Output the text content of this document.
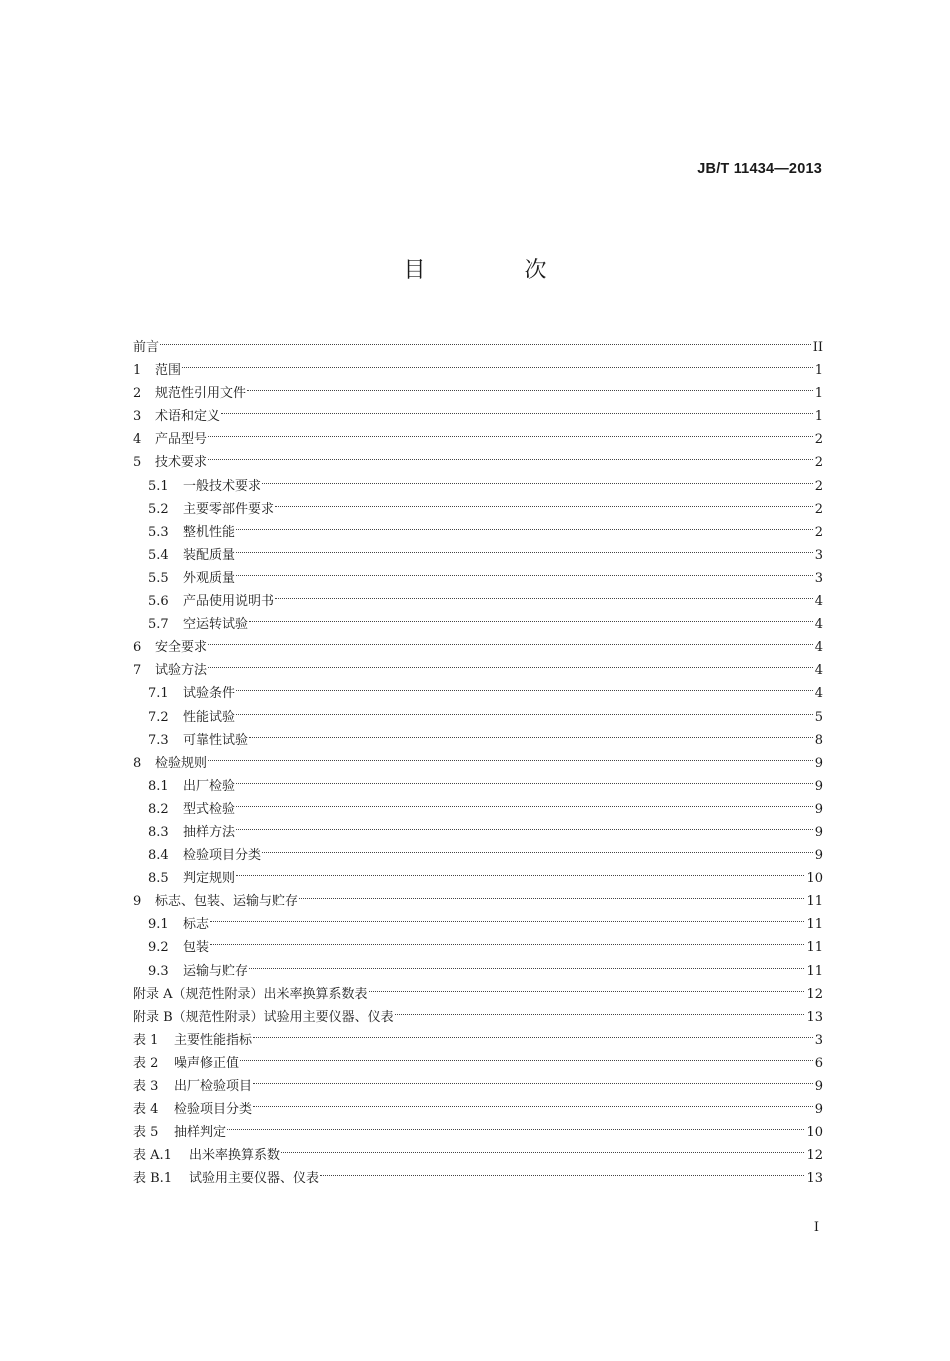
JB/T 11434—2013
目 次
前言	II
1 范围	1
2 规范性引用文件	1
3 术语和定义	1
4 产品型号	2
5 技术要求	2
5.1 一般技术要求	2
5.2 主要零部件要求	2
5.3 整机性能	2
5.4 装配质量	3
5.5 外观质量	3
5.6 产品使用说明书	4
5.7 空运转试验	4
6 安全要求	4
7 试验方法	4
7.1 试验条件	4
7.2 性能试验	5
7.3 可靠性试验	8
8 检验规则	9
8.1 出厂检验	9
8.2 型式检验	9
8.3 抽样方法	9
8.4 检验项目分类	9
8.5 判定规则	10
9 标志、包装、运输与贮存	11
9.1 标志	11
9.2 包装	11
9.3 运输与贮存	11
附录 A（规范性附录）出米率换算系数表	12
附录 B（规范性附录）试验用主要仪器、仪表	13
表 1 主要性能指标	3
表 2 噪声修正值	6
表 3 出厂检验项目	9
表 4 检验项目分类	9
表 5 抽样判定	10
表 A.1 出米率换算系数	12
表 B.1 试验用主要仪器、仪表	13
I
